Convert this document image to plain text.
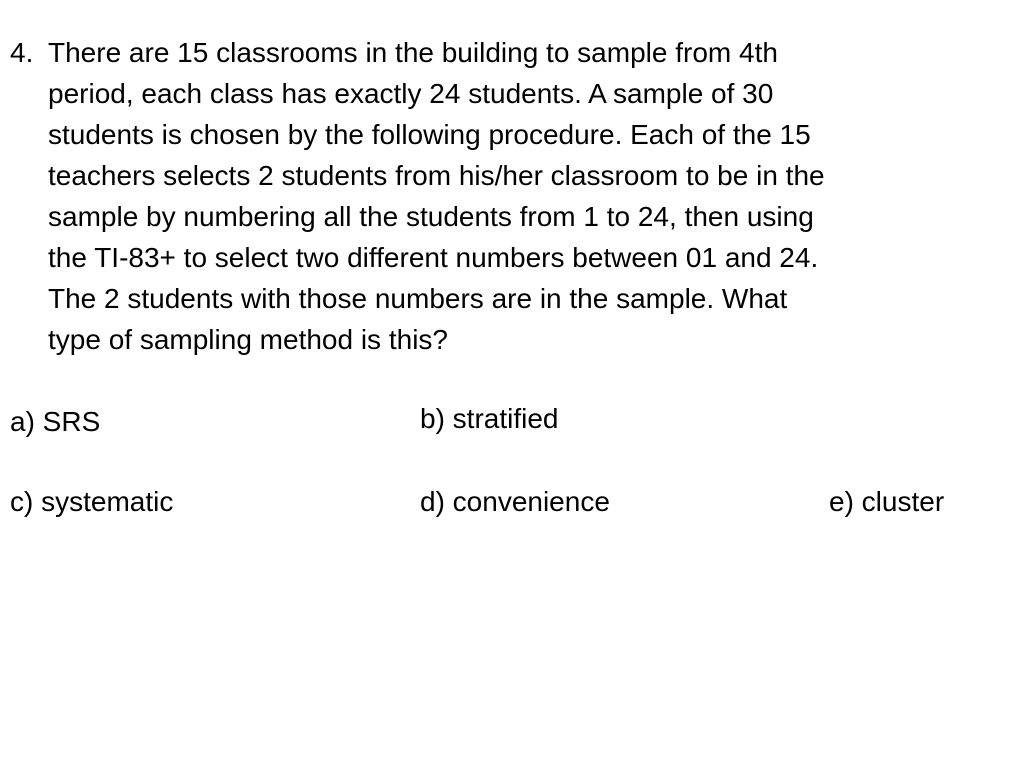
4. There are 15 classrooms in the building to sample from 4th
period, each class has exactly 24 students. A sample of 30
students is chosen by the following procedure. Each of the 15
teachers selects 2 students from his/her classroom to be in the
sample by numbering all the students from 1 to 24, then using
the TI-83+ to select two different numbers between 01 and 24.
The 2 students with those numbers are in the sample. What
type of sampling method is this?
a) SRS	b) stratified
c) systematic	d) convenience	e) cluster
